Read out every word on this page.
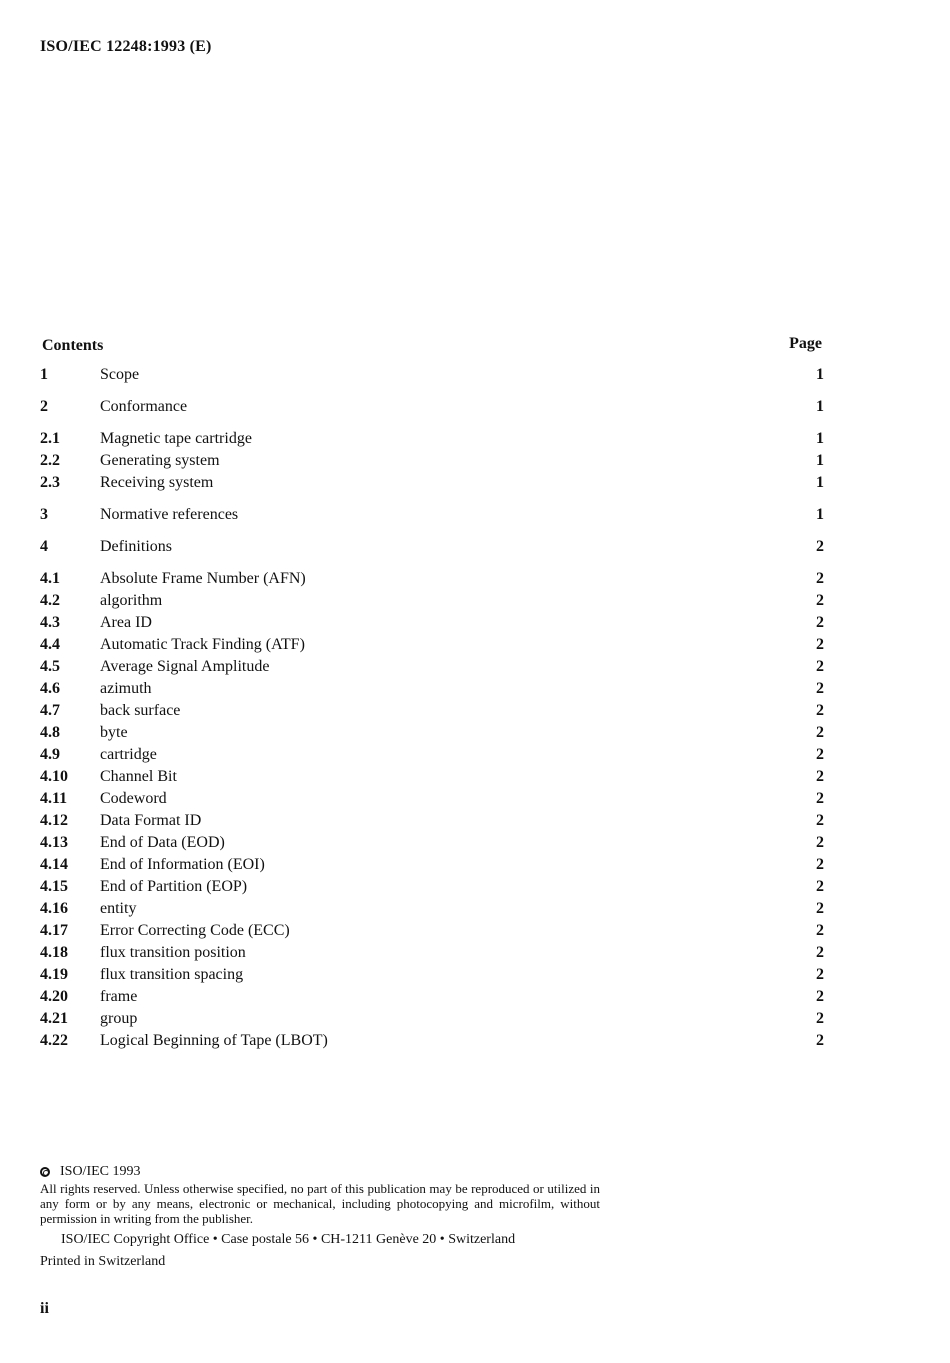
ISO/IEC 12248:1993 (E)
Contents	Page
1	Scope	1
2	Conformance	1
2.1	Magnetic tape cartridge	1
2.2	Generating system	1
2.3	Receiving system	1
3	Normative references	1
4	Definitions	2
4.1	Absolute Frame Number (AFN)	2
4.2	algorithm	2
4.3	Area ID	2
4.4	Automatic Track Finding (ATF)	2
4.5	Average Signal Amplitude	2
4.6	azimuth	2
4.7	back surface	2
4.8	byte	2
4.9	cartridge	2
4.10	Channel Bit	2
4.11	Codeword	2
4.12	Data Format ID	2
4.13	End of Data (EOD)	2
4.14	End of Information (EOI)	2
4.15	End of Partition (EOP)	2
4.16	entity	2
4.17	Error Correcting Code (ECC)	2
4.18	flux transition position	2
4.19	flux transition spacing	2
4.20	frame	2
4.21	group	2
4.22	Logical Beginning of Tape (LBOT)	2
ISO/IEC 1993
All rights reserved. Unless otherwise specified, no part of this publication may be reproduced or utilized in any form or by any means, electronic or mechanical, including photocopying and microfilm, without permission in writing from the publisher.
ISO/IEC Copyright Office • Case postale 56 • CH-1211 Genève 20 • Switzerland
Printed in Switzerland
ii
